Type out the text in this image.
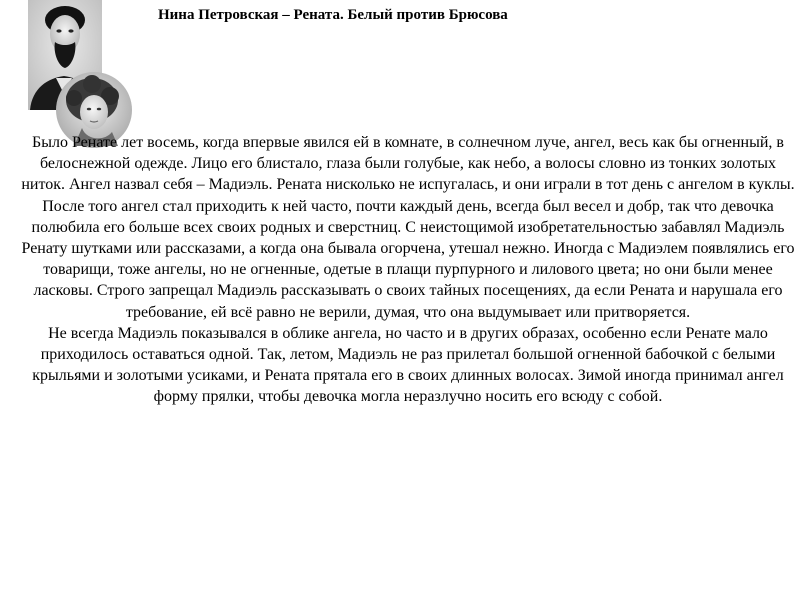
Нина Петровская – Рената. Белый против Брюсова

Было Ренате лет восемь, когда впервые явился ей в комнате, в солнечном луче, ангел, весь как бы огненный, в белоснежной одежде. Лицо его блистало, глаза были голубые, как небо, а волосы словно из тонких золотых ниток. Ангел назвал себя – Мадиэль. Рената нисколько не испугалась, и они играли в тот день с ангелом в куклы. После того ангел стал приходить к ней часто, почти каждый день, всегда был весел и добр, так что девочка полюбила его больше всех своих родных и сверстниц. С неистощимой изобретательностью забавлял Мадиэль Ренату шутками или рассказами, а когда она бывала огорчена, утешал нежно. Иногда с Мадиэлем появлялись его товарищи, тоже ангелы, но не огненные, одетые в плащи пурпурного и лилового цвета; но они были менее ласковы. Строго запрещал Мадиэль рассказывать о своих тайных посещениях, да если Рената и нарушала его требование, ей всё равно не верили, думая, что она выдумывает или притворяется.

Не всегда Мадиэль показывался в облике ангела, но часто и в других образах, особенно если Ренате мало приходилось оставаться одной. Так, летом, Мадиэль не раз прилетал большой огненной бабочкой с белыми крыльями и золотыми усиками, и Рената прятала его в своих длинных волосах. Зимой иногда принимал ангел форму прялки, чтобы девочка могла неразлучно носить его всюду с собой.
